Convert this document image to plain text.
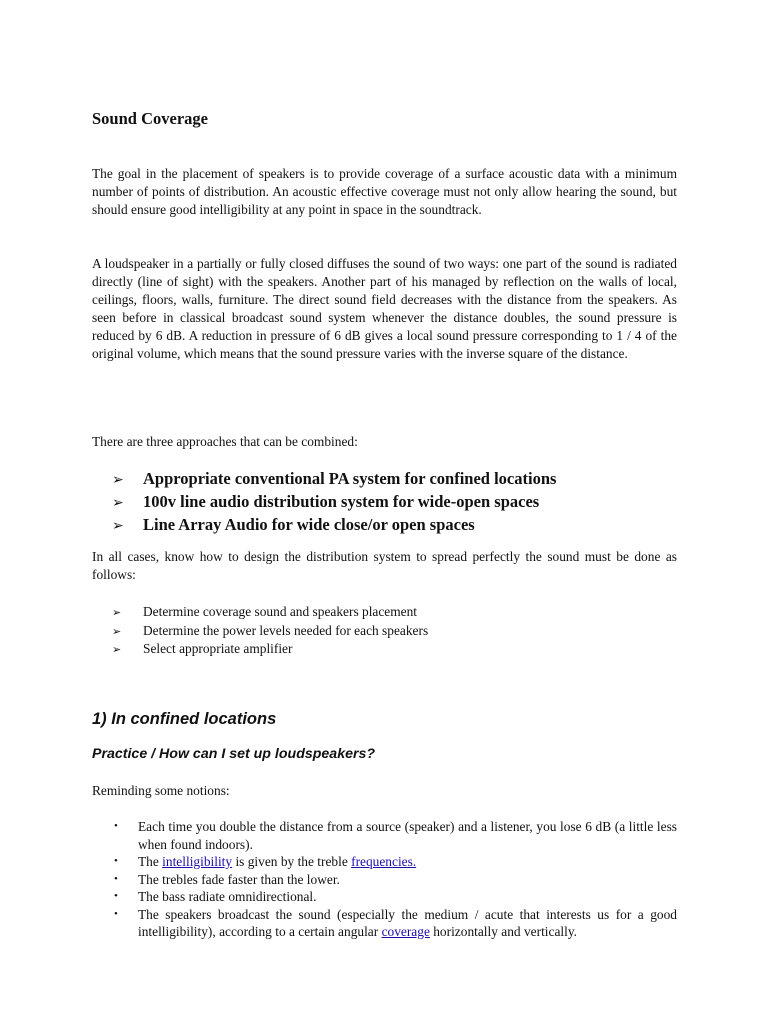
Sound Coverage

The goal in the placement of speakers is to provide coverage of a surface acoustic data with a minimum number of points of distribution. An acoustic effective coverage must not only allow hearing the sound, but should ensure good intelligibility at any point in space in the soundtrack.

A loudspeaker in a partially or fully closed diffuses the sound of two ways: one part of the sound is radiated directly (line of sight) with the speakers. Another part of his managed by reflection on the walls of local, ceilings, floors, walls, furniture. The direct sound field decreases with the distance from the speakers. As seen before in classical broadcast sound system whenever the distance doubles, the sound pressure is reduced by 6 dB. A reduction in pressure of 6 dB gives a local sound pressure corresponding to 1 / 4 of the original volume, which means that the sound pressure varies with the inverse square of the distance.

There are three approaches that can be combined:

➢ Appropriate conventional PA system for confined locations
➢ 100v line audio distribution system for wide-open spaces
➢ Line Array Audio for wide close/or open spaces

In all cases, know how to design the distribution system to spread perfectly the sound must be done as follows:

➢ Determine coverage sound and speakers placement
➢ Determine the power levels needed for each speakers
➢ Select appropriate amplifier
1) In confined locations
Practice / How can I set up loudspeakers?

Reminding some notions:

• Each time you double the distance from a source (speaker) and a listener, you lose 6 dB (a little less when found indoors).
• The intelligibility is given by the treble frequencies.
• The trebles fade faster than the lower.
• The bass radiate omnidirectional.
• The speakers broadcast the sound (especially the medium / acute that interests us for a good intelligibility), according to a certain angular coverage horizontally and vertically.
